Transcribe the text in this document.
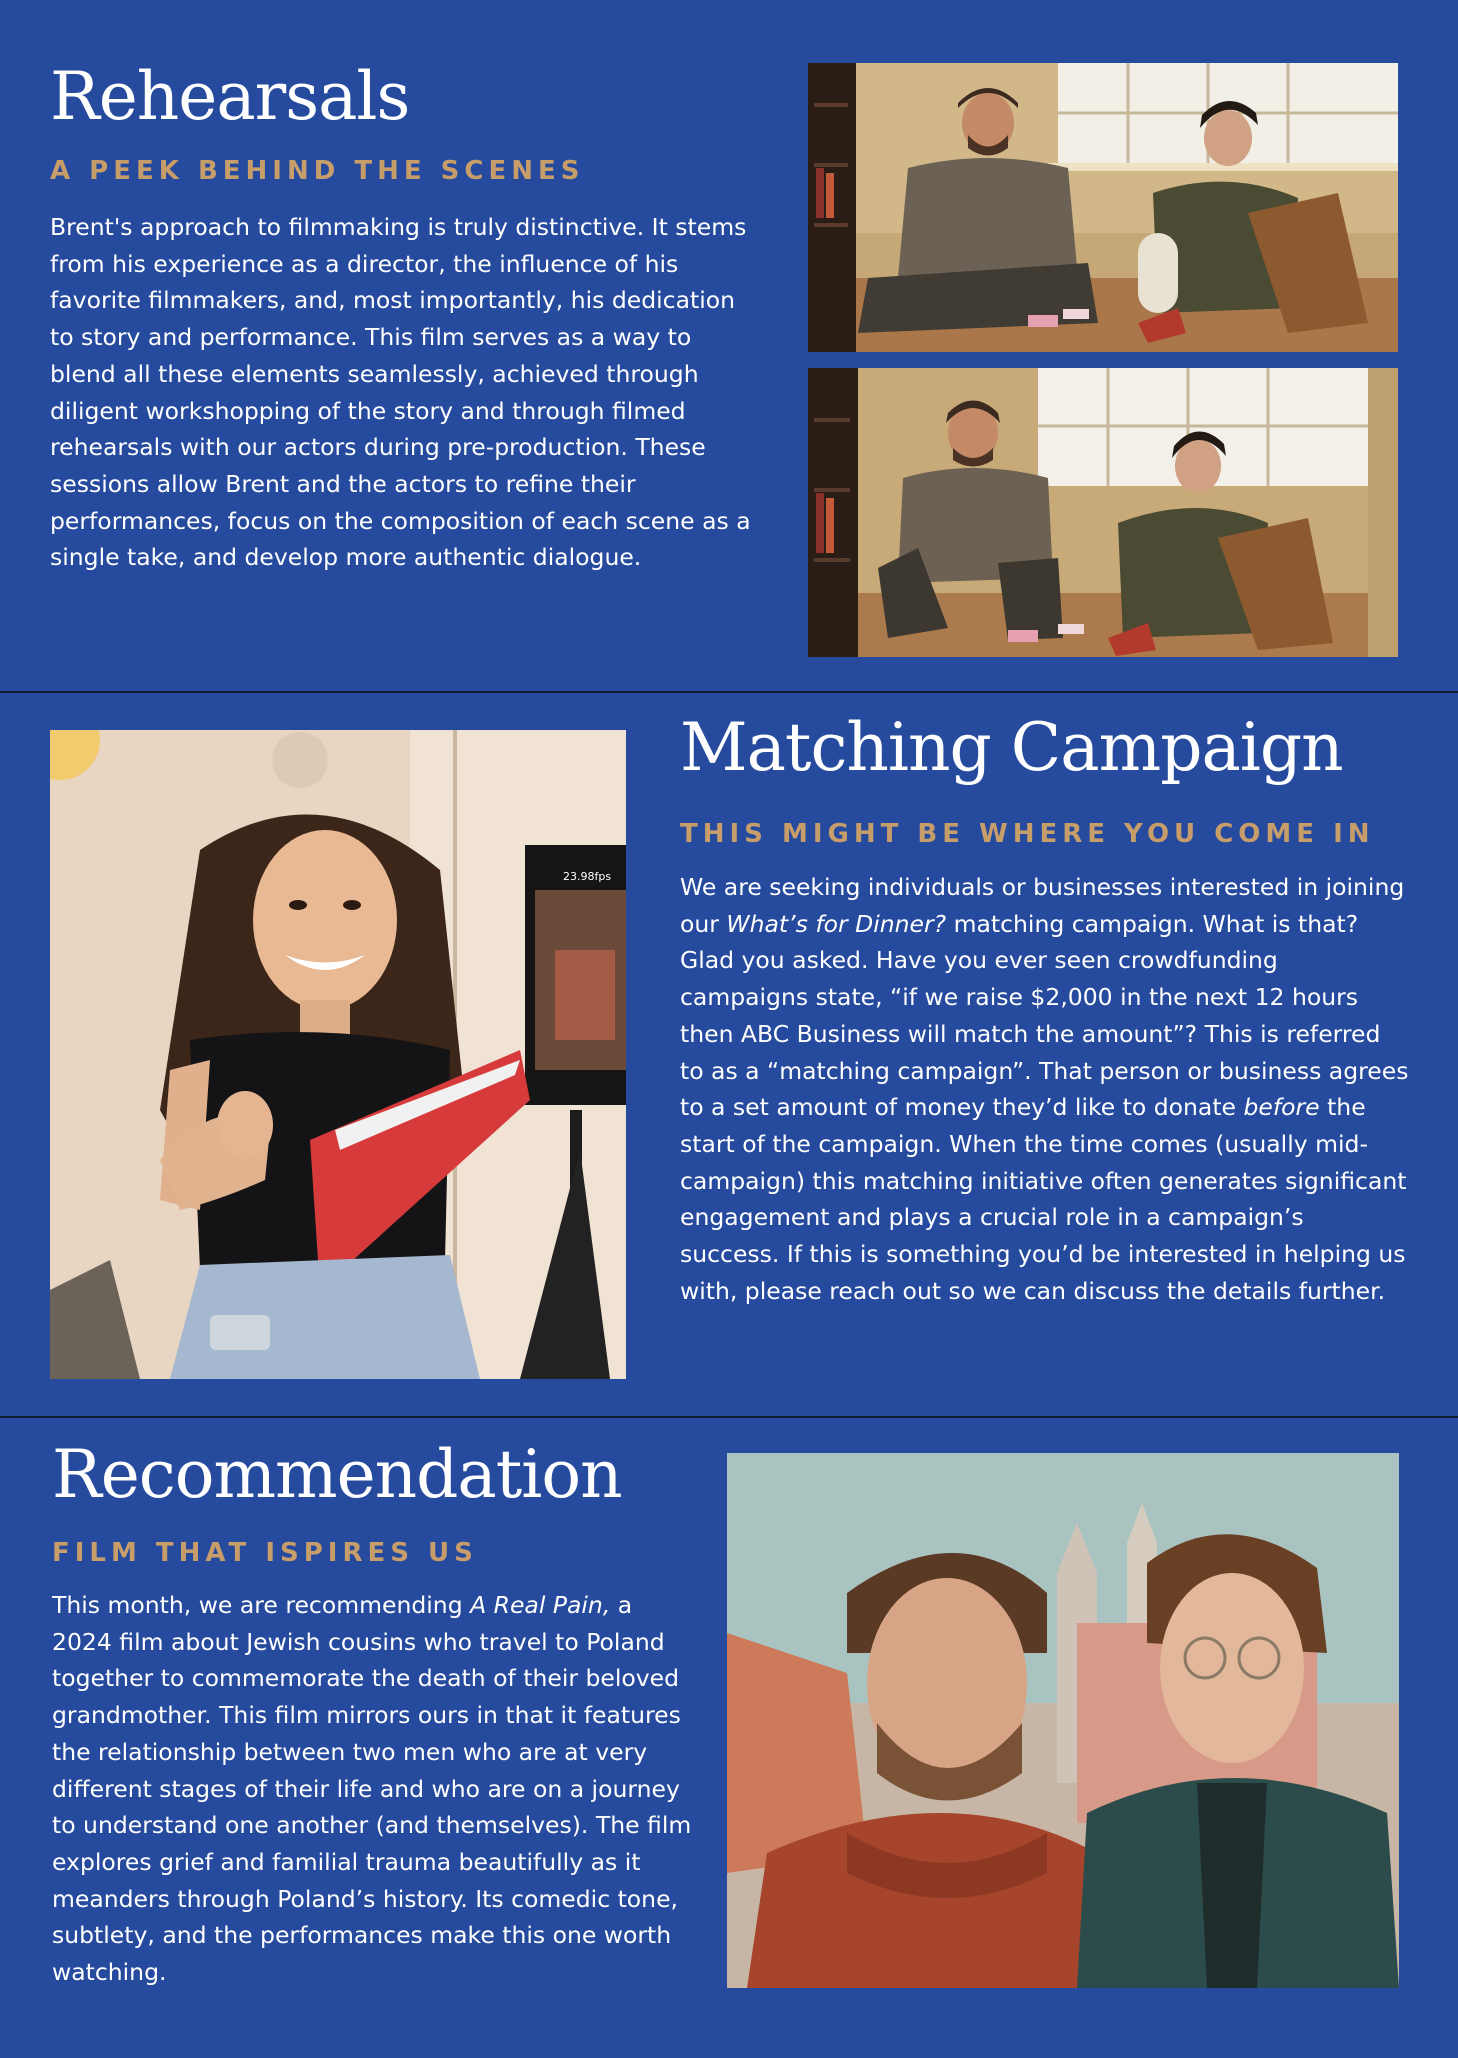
Rehearsals
A PEEK BEHIND THE SCENES
Brent's approach to filmmaking is truly distinctive. It stems from his experience as a director, the influence of his favorite filmmakers, and, most importantly, his dedication to story and performance. This film serves as a way to blend all these elements seamlessly, achieved through diligent workshopping of the story and through filmed rehearsals with our actors during pre-production. These sessions allow Brent and the actors to refine their performances, focus on the composition of each scene as a single take, and develop more authentic dialogue.
23.98fps
Matching Campaign
THIS MIGHT BE WHERE YOU COME IN
We are seeking individuals or businesses interested in joining our What’s for Dinner? matching campaign. What is that? Glad you asked. Have you ever seen crowdfunding campaigns state, “if we raise $2,000 in the next 12 hours then ABC Business will match the amount”? This is referred to as a “matching campaign”. That person or business agrees to a set amount of money they’d like to donate before the start of the campaign. When the time comes (usually mid-campaign) this matching initiative often generates significant engagement and plays a crucial role in a campaign’s success. If this is something you’d be interested in helping us with, please reach out so we can discuss the details further.
Recommendation
FILM THAT ISPIRES US
This month, we are recommending A Real Pain, a 2024 film about Jewish cousins who travel to Poland together to commemorate the death of their beloved grandmother. This film mirrors ours in that it features the relationship between two men who are at very different stages of their life and who are on a journey to understand one another (and themselves). The film explores grief and familial trauma beautifully as it meanders through Poland’s history. Its comedic tone, subtlety, and the performances make this one worth watching.
